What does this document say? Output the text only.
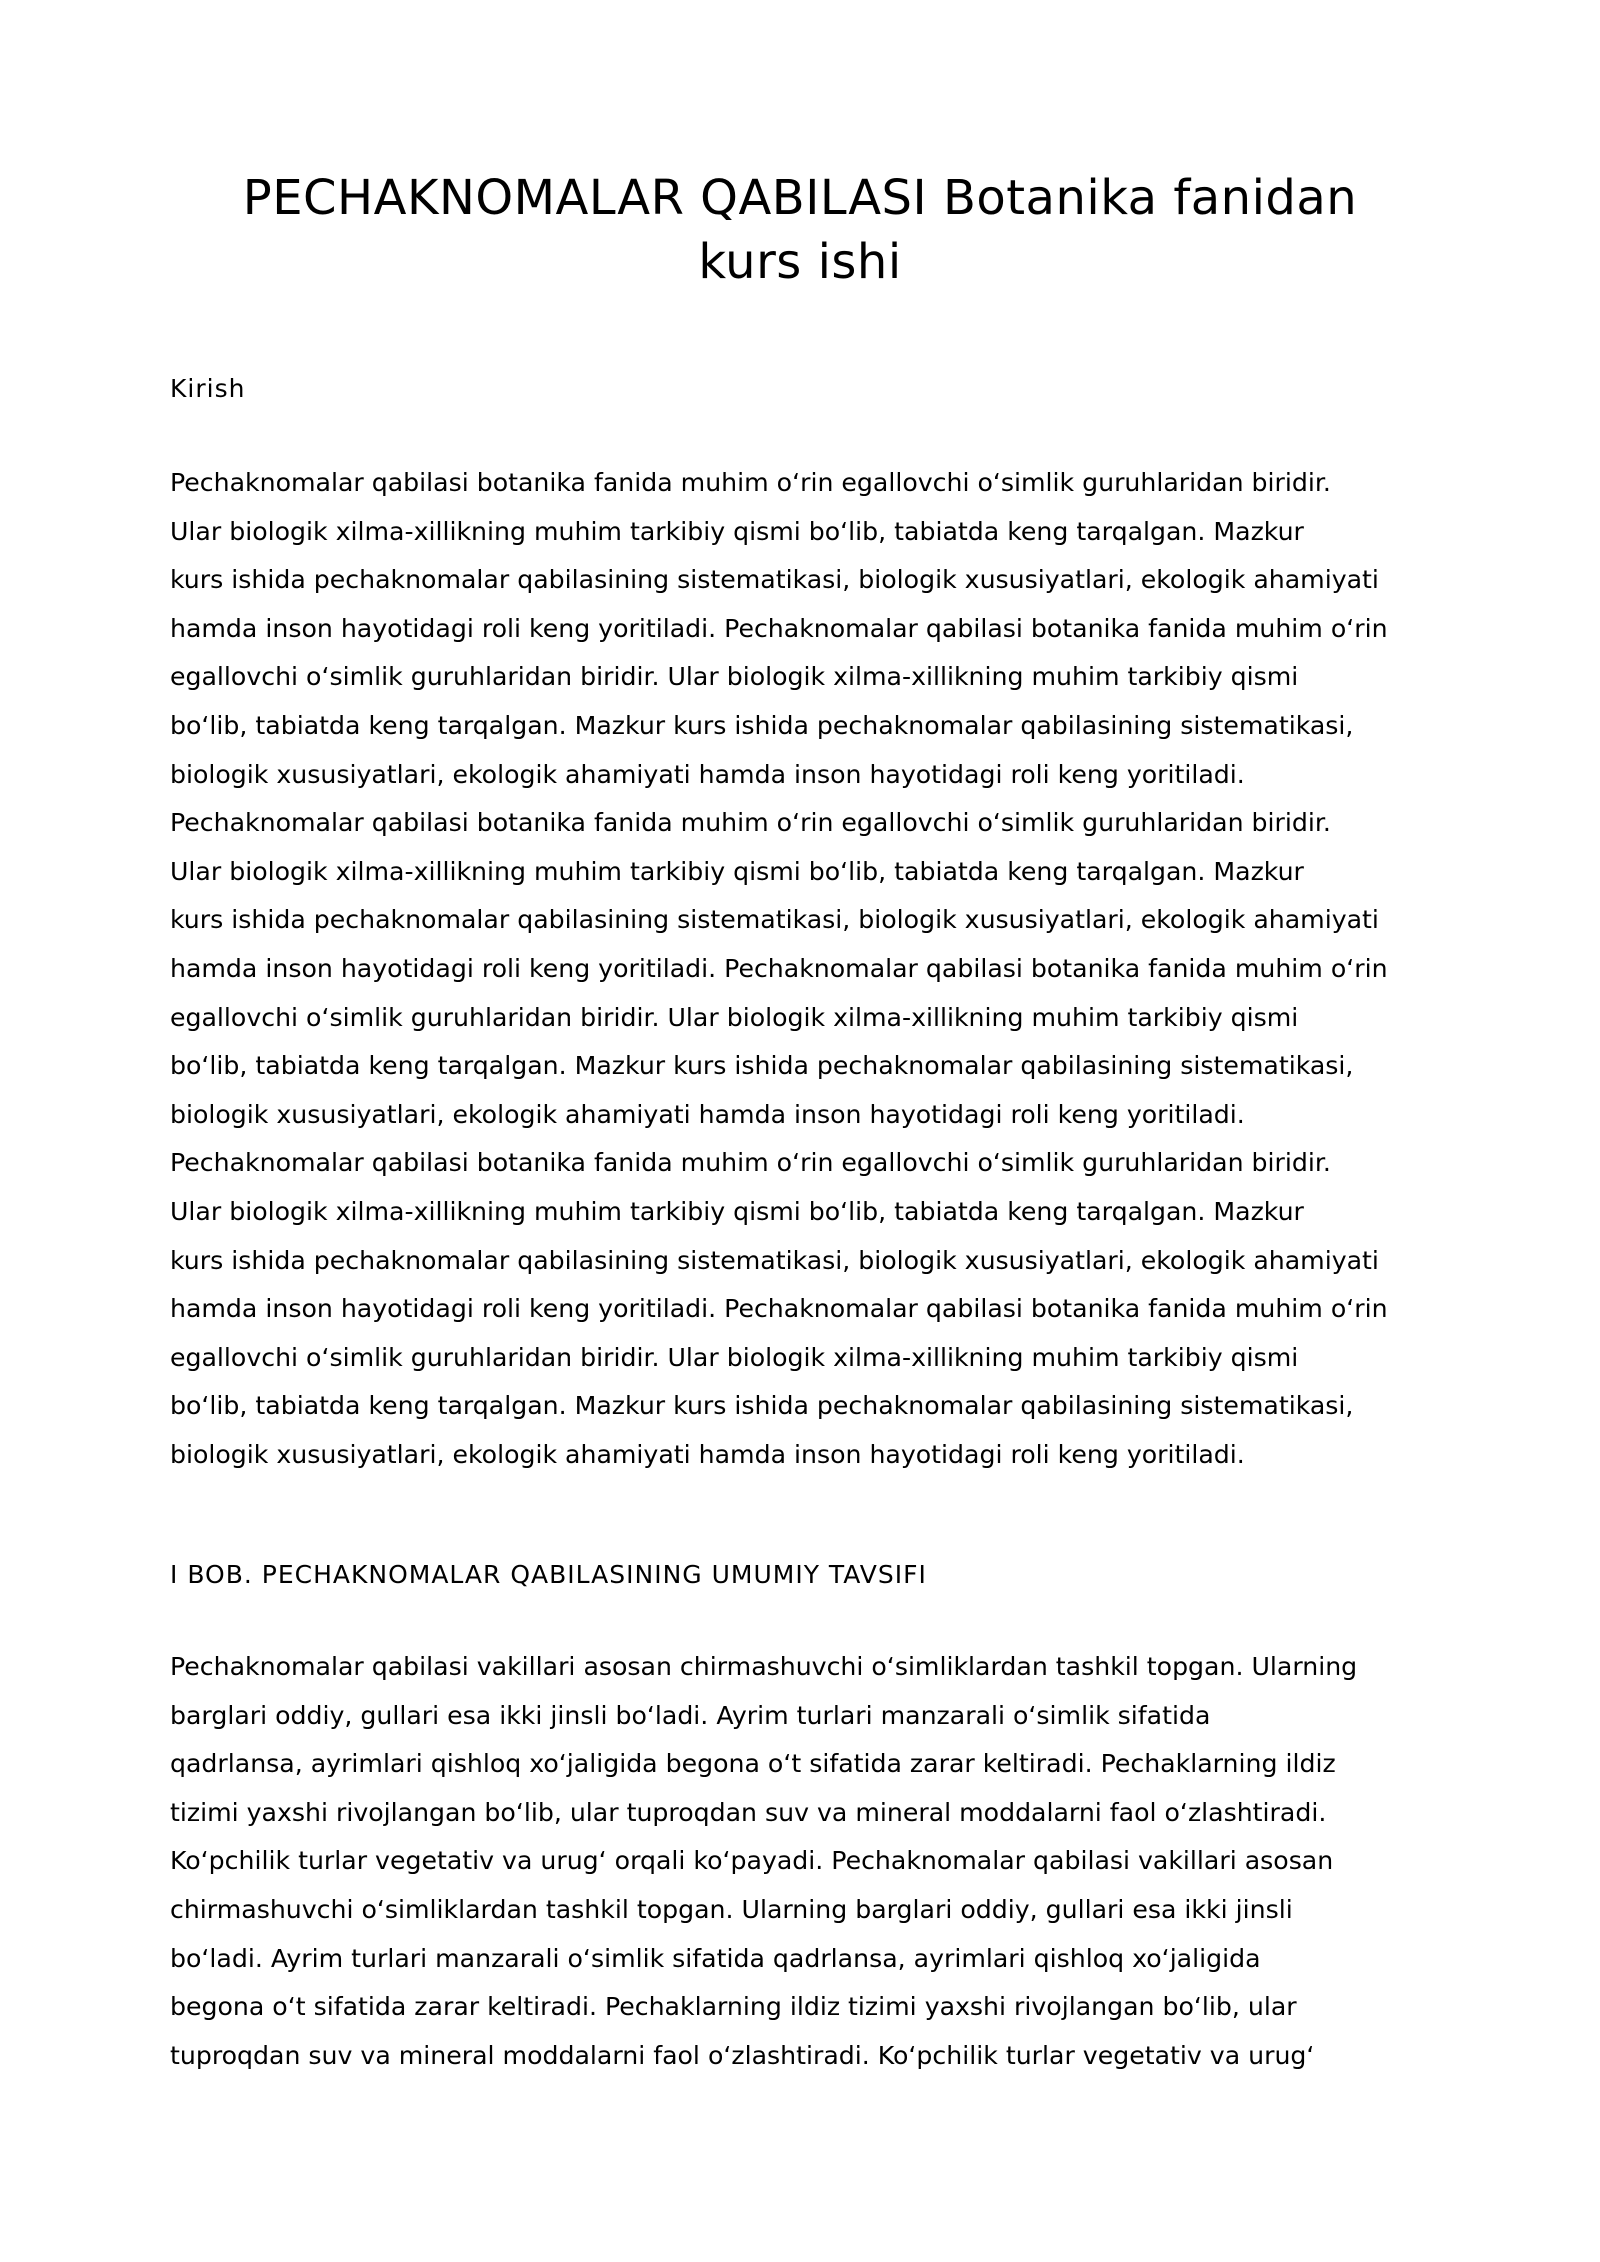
PECHAKNOMALAR QABILASI Botanika fanidan
kurs ishi
Kirish

Pechaknomalar qabilasi botanika fanida muhim o‘rin egallovchi o‘simlik guruhlaridan biridir.
Ular biologik xilma-xillikning muhim tarkibiy qismi bo‘lib, tabiatda keng tarqalgan. Mazkur
kurs ishida pechaknomalar qabilasining sistematikasi, biologik xususiyatlari, ekologik ahamiyati
hamda inson hayotidagi roli keng yoritiladi. Pechaknomalar qabilasi botanika fanida muhim o‘rin
egallovchi o‘simlik guruhlaridan biridir. Ular biologik xilma-xillikning muhim tarkibiy qismi
bo‘lib, tabiatda keng tarqalgan. Mazkur kurs ishida pechaknomalar qabilasining sistematikasi,
biologik xususiyatlari, ekologik ahamiyati hamda inson hayotidagi roli keng yoritiladi.
Pechaknomalar qabilasi botanika fanida muhim o‘rin egallovchi o‘simlik guruhlaridan biridir.
Ular biologik xilma-xillikning muhim tarkibiy qismi bo‘lib, tabiatda keng tarqalgan. Mazkur
kurs ishida pechaknomalar qabilasining sistematikasi, biologik xususiyatlari, ekologik ahamiyati
hamda inson hayotidagi roli keng yoritiladi. Pechaknomalar qabilasi botanika fanida muhim o‘rin
egallovchi o‘simlik guruhlaridan biridir. Ular biologik xilma-xillikning muhim tarkibiy qismi
bo‘lib, tabiatda keng tarqalgan. Mazkur kurs ishida pechaknomalar qabilasining sistematikasi,
biologik xususiyatlari, ekologik ahamiyati hamda inson hayotidagi roli keng yoritiladi.
Pechaknomalar qabilasi botanika fanida muhim o‘rin egallovchi o‘simlik guruhlaridan biridir.
Ular biologik xilma-xillikning muhim tarkibiy qismi bo‘lib, tabiatda keng tarqalgan. Mazkur
kurs ishida pechaknomalar qabilasining sistematikasi, biologik xususiyatlari, ekologik ahamiyati
hamda inson hayotidagi roli keng yoritiladi. Pechaknomalar qabilasi botanika fanida muhim o‘rin
egallovchi o‘simlik guruhlaridan biridir. Ular biologik xilma-xillikning muhim tarkibiy qismi
bo‘lib, tabiatda keng tarqalgan. Mazkur kurs ishida pechaknomalar qabilasining sistematikasi,
biologik xususiyatlari, ekologik ahamiyati hamda inson hayotidagi roli keng yoritiladi.

I BOB. PECHAKNOMALAR QABILASINING UMUMIY TAVSIFI

Pechaknomalar qabilasi vakillari asosan chirmashuvchi o‘simliklardan tashkil topgan. Ularning
barglari oddiy, gullari esa ikki jinsli bo‘ladi. Ayrim turlari manzarali o‘simlik sifatida
qadrlansa, ayrimlari qishloq xo‘jaligida begona o‘t sifatida zarar keltiradi. Pechaklarning ildiz
tizimi yaxshi rivojlangan bo‘lib, ular tuproqdan suv va mineral moddalarni faol o‘zlashtiradi.
Ko‘pchilik turlar vegetativ va urug‘ orqali ko‘payadi. Pechaknomalar qabilasi vakillari asosan
chirmashuvchi o‘simliklardan tashkil topgan. Ularning barglari oddiy, gullari esa ikki jinsli
bo‘ladi. Ayrim turlari manzarali o‘simlik sifatida qadrlansa, ayrimlari qishloq xo‘jaligida
begona o‘t sifatida zarar keltiradi. Pechaklarning ildiz tizimi yaxshi rivojlangan bo‘lib, ular
tuproqdan suv va mineral moddalarni faol o‘zlashtiradi. Ko‘pchilik turlar vegetativ va urug‘
